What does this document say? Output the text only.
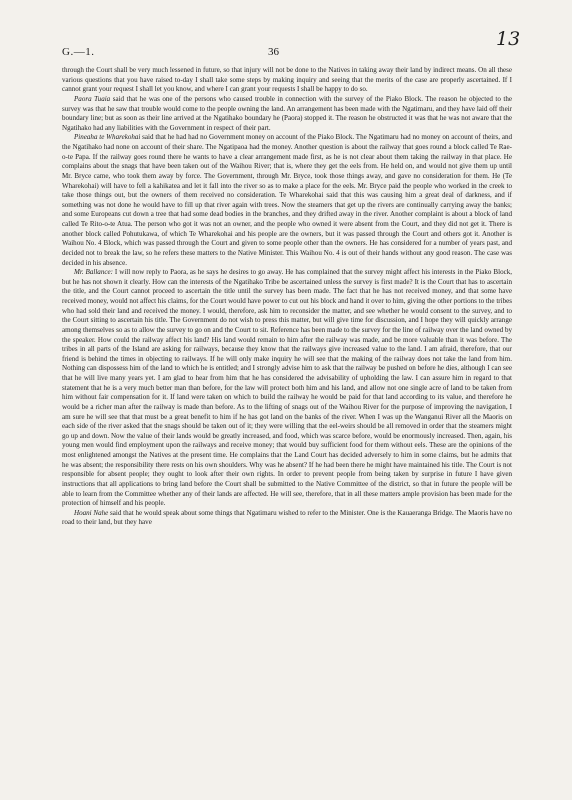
G.—1.	36
13

through the Court shall be very much lessened in future, so that injury will not be done to the Natives in taking away their land by indirect means. On all these various questions that you have raised to-day I shall take some steps by making inquiry and seeing that the merits of the case are properly ascertained. If I cannot grant your request I shall let you know, and where I can grant your requests I shall be happy to do so.

Paora Tuaia said that he was one of the persons who caused trouble in connection with the survey of the Piako Block. The reason he objected to the survey was that he saw that trouble would come to the people owning the land. An arrangement has been made with the Ngatimaru, and they have laid off their boundary line; but as soon as their line arrived at the Ngatihako boundary he (Paora) stopped it. The reason he obstructed it was that he was not aware that the Ngatihako had any liabilities with the Government in respect of their part.

Pineaha te Wharekohai said that he had had no Government money on account of the Piako Block. The Ngatimaru had no money on account of theirs, and the Ngatihako had none on account of their share. The Ngatipaoa had the money. Another question is about the railway that goes round a block called Te Rae-o-te Papa. If the railway goes round there he wants to have a clear arrangement made first, as he is not clear about them taking the railway in that place. He complains about the snags that have been taken out of the Waihou River; that is, where they get the eels from. He held on, and would not give them up until Mr. Bryce came, who took them away by force. The Government, through Mr. Bryce, took those things away, and gave no consideration for them. He (Te Wharekohai) will have to fell a kahikatea and let it fall into the river so as to make a place for the eels. Mr. Bryce paid the people who worked in the creek to take those things out, but the owners of them received no consideration. Te Wharekohai said that this was causing him a great deal of darkness, and if something was not done he would have to fill up that river again with trees. Now the steamers that get up the rivers are continually carrying away the banks; and some Europeans cut down a tree that had some dead bodies in the branches, and they drifted away in the river. Another complaint is about a block of land called Te Rito-o-te Atua. The person who got it was not an owner, and the people who owned it were absent from the Court, and they did not get it. There is another block called Pohutukawa, of which Te Wharekohai and his people are the owners, but it was passed through the Court and others got it. Another is Waihou No. 4 Block, which was passed through the Court and given to some people other than the owners. He has considered for a number of years past, and decided not to break the law, so he refers these matters to the Native Minister. This Waihou No. 4 is out of their hands without any good reason. The case was decided in his absence.

Mr. Ballance: I will now reply to Paora, as he says he desires to go away. He has complained that the survey might affect his interests in the Piako Block, but he has not shown it clearly. How can the interests of the Ngatihako Tribe be ascertained unless the survey is first made? It is the Court that has to ascertain the title, and the Court cannot proceed to ascertain the title until the survey has been made. The fact that he has not received money, and that some have received money, would not affect his claims, for the Court would have power to cut out his block and hand it over to him, giving the other portions to the tribes who had sold their land and received the money. I would, therefore, ask him to reconsider the matter, and see whether he would consent to the survey, and to the Court sitting to ascertain his title. The Government do not wish to press this matter, but will give time for discussion, and I hope they will quickly arrange among themselves so as to allow the survey to go on and the Court to sit. Reference has been made to the survey for the line of railway over the land owned by the speaker. How could the railway affect his land? His land would remain to him after the railway was made, and be more valuable than it was before. The tribes in all parts of the Island are asking for railways, because they know that the railways give increased value to the land. I am afraid, therefore, that our friend is behind the times in objecting to railways. If he will only make inquiry he will see that the making of the railway does not take the land from him. Nothing can dispossess him of the land to which he is entitled; and I strongly advise him to ask that the railway be pushed on before he dies, although I can see that he will live many years yet. I am glad to hear from him that he has considered the advisability of upholding the law. I can assure him in regard to that statement that he is a very much better man than before, for the law will protect both him and his land, and allow not one single acre of land to be taken from him without fair compensation for it. If land were taken on which to build the railway he would be paid for that land according to its value, and therefore he would be a richer man after the railway is made than before. As to the lifting of snags out of the Waihou River for the purpose of improving the navigation, I am sure he will see that that must be a great benefit to him if he has got land on the banks of the river. When I was up the Wanganui River all the Maoris on each side of the river asked that the snags should be taken out of it; they were willing that the eel-weirs should be all removed in order that the steamers might go up and down. Now the value of their lands would be greatly increased, and food, which was scarce before, would be enormously increased. Then, again, his young men would find employment upon the railways and receive money; that would buy sufficient food for them without eels. These are the opinions of the most enlightened amongst the Natives at the present time. He complains that the Land Court has decided adversely to him in some claims, but he admits that he was absent; the responsibility there rests on his own shoulders. Why was he absent? If he had been there he might have maintained his title. The Court is not responsible for absent people; they ought to look after their own rights. In order to prevent people from being taken by surprise in future I have given instructions that all applications to bring land before the Court shall be submitted to the Native Committee of the district, so that in future the people will be able to learn from the Committee whether any of their lands are affected. He will see, therefore, that in all these matters ample provision has been made for the protection of himself and his people.

Hoani Nahe said that he would speak about some things that Ngatimaru wished to refer to the Minister. One is the Kauaeranga Bridge. The Maoris have no road to their land, but they have
